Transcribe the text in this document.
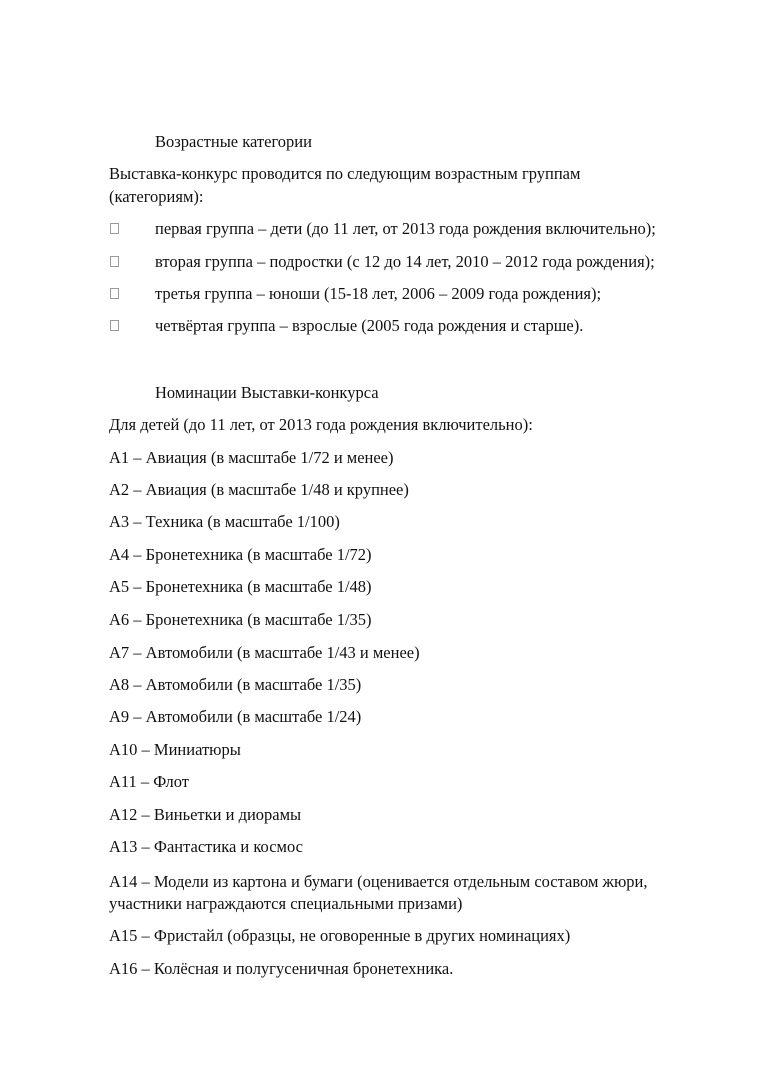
Возрастные категории
Выставка-конкурс проводится по следующим возрастным группам
(категориям):
первая группа – дети (до 11 лет, от 2013 года рождения включительно);
вторая группа – подростки (с 12 до 14 лет, 2010 – 2012 года рождения);
третья группа – юноши (15-18 лет, 2006 – 2009 года рождения);
четвёртая группа – взрослые (2005 года рождения и старше).
Номинации Выставки-конкурса
Для детей (до 11 лет, от 2013 года рождения включительно):
А1 – Авиация (в масштабе 1/72 и менее)
А2 – Авиация (в масштабе 1/48 и крупнее)
А3 – Техника (в масштабе 1/100)
А4 – Бронетехника (в масштабе 1/72)
А5 – Бронетехника (в масштабе 1/48)
А6 – Бронетехника (в масштабе 1/35)
А7 – Автомобили (в масштабе 1/43 и менее)
А8 – Автомобили (в масштабе 1/35)
А9 – Автомобили (в масштабе 1/24)
А10 – Миниатюры
А11 – Флот
А12 – Виньетки и диорамы
А13 – Фантастика и космос
А14 – Модели из картона и бумаги (оценивается отдельным составом жюри,
участники награждаются специальными призами)
А15 – Фристайл (образцы, не оговоренные в других номинациях)
А16 – Колёсная и полугусеничная бронетехника.
